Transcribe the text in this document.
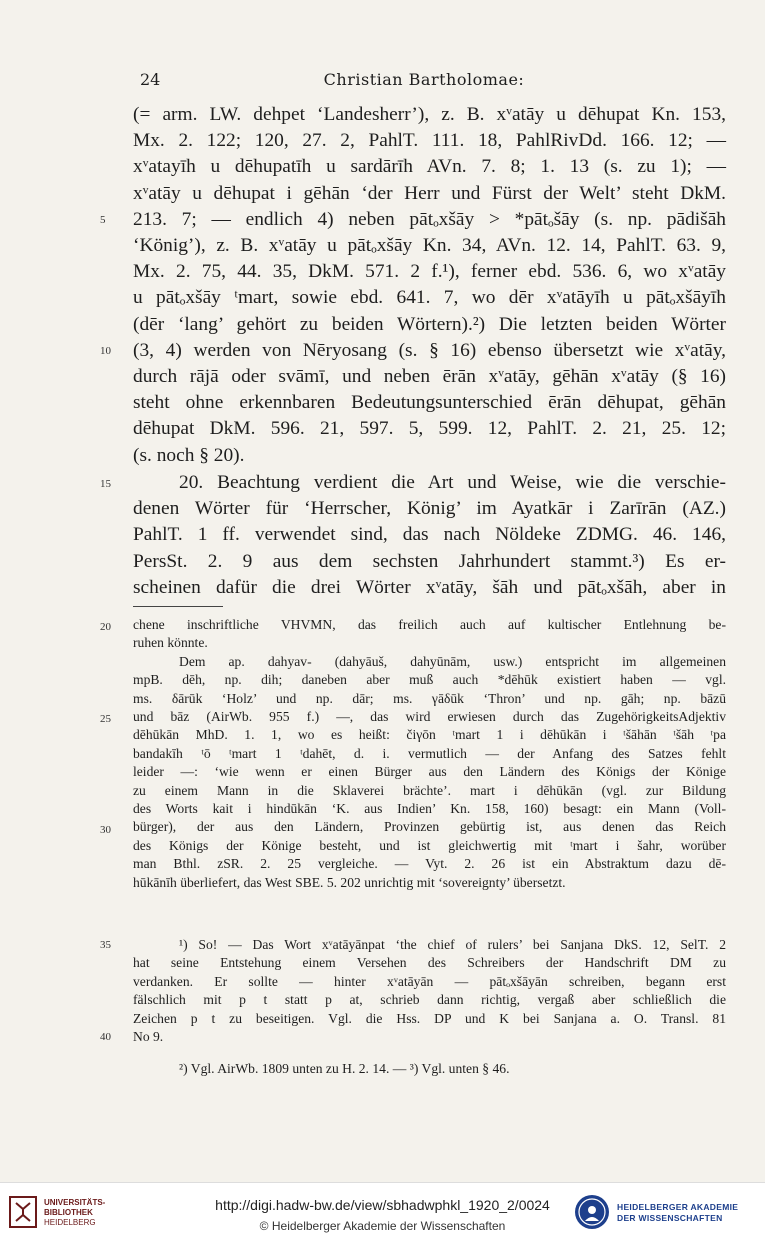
24	Christian Bartholomae:
(= arm. LW. dehpet ‘Landesherr’), z. B. xᵛatāy u dēhupat Kn. 153,
Mx. 2. 122; 120, 27. 2, PahlT. 111. 18, PahlRivDd. 166. 12; —
xᵛatayīh u dēhupatīh u sardārīh AVn. 7. 8; 1. 13 (s. zu 1); —
xᵛatāy u dēhupat i gēhān ‘der Herr und Fürst der Welt’ steht DkM.
213. 7; — endlich 4) neben pātₒxšāy > *pātₒšāy (s. np. pādišāh
‘König’), z. B. xᵛatāy u pātₒxšāy Kn. 34, AVn. 12. 14, PahlT. 63. 9,
Mx. 2. 75, 44. 35, DkM. 571. 2 f.¹), ferner ebd. 536. 6, wo xᵛatāy
u pātₒxšāy ᵗmart, sowie ebd. 641. 7, wo dēr xᵛatāyīh u pātₒxšāyīh
(dēr ‘lang’ gehört zu beiden Wörtern).²) Die letzten beiden Wörter
(3, 4) werden von Nēryosang (s. § 16) ebenso übersetzt wie xᵛatāy,
durch rājā oder svāmī, und neben ērān xᵛatāy, gēhān xᵛatāy (§ 16)
steht ohne erkennbaren Bedeutungsunterschied ērān dēhupat, gēhān
dēhupat DkM. 596. 21, 597. 5, 599. 12, PahlT. 2. 21, 25. 12;
(s. noch § 20).
20. Beachtung verdient die Art und Weise, wie die verschie-
denen Wörter für ‘Herrscher, König’ im Ayatkār i Zarīrān (AZ.)
PahlT. 1 ff. verwendet sind, das nach Nöldeke ZDMG. 46. 146,
PersSt. 2. 9 aus dem sechsten Jahrhundert stammt.³) Es er-
scheinen dafür die drei Wörter xᵛatāy, šāh und pātₒxšāh, aber in
5
10
15
20
25
30
35
40
chene inschriftliche VHVMN, das freilich auch auf kultischer Entlehnung be-
ruhen könnte.
Dem ap. dahyav- (dahyāuš, dahyūnām, usw.) entspricht im allgemeinen
mpB. dēh, np. dih; daneben aber muß auch *dēhūk existiert haben — vgl.
ms. δārūk ‘Holz’ und np. dār; ms. γāδūk ‘Thron’ und np. gāh; np. bāzū
und bāz (AirWb. 955 f.) —, das wird erwiesen durch das ZugehörigkeitsAdjektiv
dēhūkān MhD. 1. 1, wo es heißt: čiγōn ᵗmart 1 i dēhūkān i ᵗšāhān ᵗšāh ᵗpa
bandakīh ᵗō ᵗmart 1 ᵗdahēt, d. i. vermutlich — der Anfang des Satzes fehlt
leider —: ‘wie wenn er einen Bürger aus den Ländern des Königs der Könige
zu einem Mann in die Sklaverei brächte’. mart i dēhūkān (vgl. zur Bildung
des Worts kait i hindūkān ‘K. aus Indien’ Kn. 158, 160) besagt: ein Mann (Voll-
bürger), der aus den Ländern, Provinzen gebürtig ist, aus denen das Reich
des Königs der Könige besteht, und ist gleichwertig mit ᵗmart i šahr, worüber
man Bthl. zSR. 2. 25 vergleiche. — Vyt. 2. 26 ist ein Abstraktum dazu dē-
hūkānīh überliefert, das West SBE. 5. 202 unrichtig mit ‘sovereignty’ übersetzt.
¹) So! — Das Wort xᵛatāyānpat ‘the chief of rulers’ bei Sanjana DkS. 12, SelT. 2
hat seine Entstehung einem Versehen des Schreibers der Handschrift DM zu
verdanken. Er sollte — hinter xᵛatāyān — pātₒxšāyān schreiben, begann erst
fälschlich mit p t statt p at, schrieb dann richtig, vergaß aber schließlich die
Zeichen p t zu beseitigen. Vgl. die Hss. DP und K bei Sanjana a. O. Transl. 81
No 9.
²) Vgl. AirWb. 1809 unten zu H. 2. 14. — ³) Vgl. unten § 46.
UNIVERSITÄTS-
BIBLIOTHEK
HEIDELBERG
http://digi.hadw-bw.de/view/sbhadwphkl_1920_2/0024
© Heidelberger Akademie der Wissenschaften
HEIDELBERGER AKADEMIE
DER WISSENSCHAFTEN
